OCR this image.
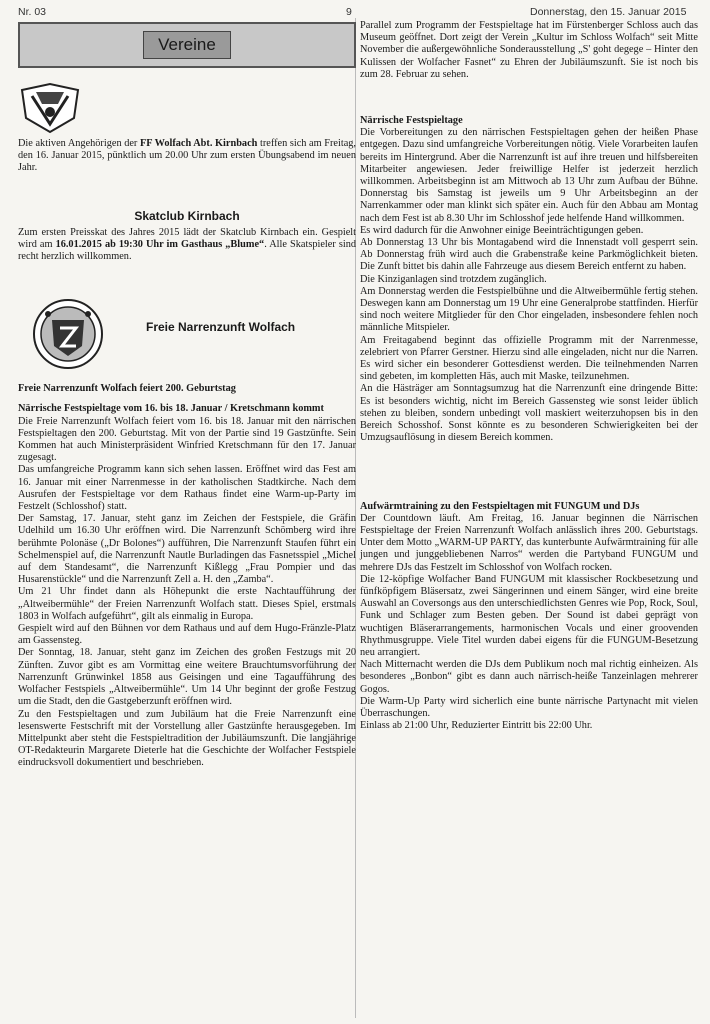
Nr. 03	9	Donnerstag, den 15. Januar 2015
Vereine
Die aktiven Angehörigen der FF Wolfach Abt. Kirnbach treffen sich am Freitag, den 16. Januar 2015, pünktlich um 20.00 Uhr zum ersten Übungsabend im neuen Jahr.
Skatclub Kirnbach
Zum ersten Preisskat des Jahres 2015 lädt der Skatclub Kirnbach ein. Gespielt wird am 16.01.2015 ab 19:30 Uhr im Gasthaus „Blume“. Alle Skatspieler sind recht herzlich willkommen.
Freie Narrenzunft Wolfach
Freie Narrenzunft Wolfach feiert 200. Geburtstag
Närrische Festspieltage vom 16. bis 18. Januar / Kretschmann kommt
Die Freie Narrenzunft Wolfach feiert vom 16. bis 18. Januar mit den närrischen Festspieltagen den 200. Geburtstag. Mit von der Partie sind 19 Gastzünfte. Sein Kommen hat auch Ministerpräsident Winfried Kretschmann für den 17. Januar zugesagt.
Das umfangreiche Programm kann sich sehen lassen. Eröffnet wird das Fest am 16. Januar mit einer Narrenmesse in der katholischen Stadtkirche. Nach dem Ausrufen der Festspieltage vor dem Rathaus findet eine Warm-up-Party im Festzelt (Schlosshof) statt.
Der Samstag, 17. Januar, steht ganz im Zeichen der Festspiele, die Gräfin Udelhild um 16.30 Uhr eröffnen wird. Die Narrenzunft Schömberg wird ihre berühmte Polonäse („Dr Bolones“) aufführen, Die Narrenzunft Staufen führt ein Schelmenspiel auf, die Narrenzunft Nautle Burladingen das Fasnetsspiel „Michel auf dem Standesamt“, die Narrenzunft Kißlegg „Frau Pompier und das Husarenstückle“ und die Narrenzunft Zell a. H. den „Zamba“.
Um 21 Uhr findet dann als Höhepunkt die erste Nachtaufführung der „Altweibermühle“ der Freien Narrenzunft Wolfach statt. Dieses Spiel, erstmals 1803 in Wolfach aufgeführt“, gilt als einmalig in Europa.
Gespielt wird auf den Bühnen vor dem Rathaus und auf dem Hugo-Fränzle-Platz am Gassensteg.
Der Sonntag, 18. Januar, steht ganz im Zeichen des großen Festzugs mit 20 Zünften. Zuvor gibt es am Vormittag eine weitere Brauchtumsvorführung der Narrenzunft Grünwinkel 1858 aus Geisingen und eine Tagaufführung des Wolfacher Festspiels „Altweibermühle“. Um 14 Uhr beginnt der große Festzug um die Stadt, den die Gastgeberzunft eröffnen wird.
Zu den Festspieltagen und zum Jubiläum hat die Freie Narrenzunft eine lesenswerte Festschrift mit der Vorstellung aller Gastzünfte herausgegeben. Im Mittelpunkt aber steht die Festspieltradition der Jubiläumszunft. Die langjährige OT-Redakteurin Margarete Dieterle hat die Geschichte der Wolfacher Festspiele eindrucksvoll dokumentiert und beschrieben.
Parallel zum Programm der Festspieltage hat im Fürstenberger Schloss auch das Museum geöffnet. Dort zeigt der Verein „Kultur im Schloss Wolfach“ seit Mitte November die außergewöhnliche Sonderausstellung „S' goht degege – Hinter den Kulissen der Wolfacher Fasnet“ zu Ehren der Jubiläumszunft. Sie ist noch bis zum 28. Februar zu sehen.
Närrische Festspieltage
Die Vorbereitungen zu den närrischen Festspieltagen gehen der heißen Phase entgegen. Dazu sind umfangreiche Vorbereitungen nötig. Viele Vorarbeiten laufen bereits im Hintergrund. Aber die Narrenzunft ist auf ihre treuen und hilfsbereiten Mitarbeiter angewiesen. Jeder freiwillige Helfer ist jederzeit herzlich willkommen. Arbeitsbeginn ist am Mittwoch ab 13 Uhr zum Aufbau der Bühne. Donnerstag bis Samstag ist jeweils um 9 Uhr Arbeitsbeginn an der Narrenkammer oder man klinkt sich später ein. Auch für den Abbau am Montag nach dem Fest ist ab 8.30 Uhr im Schlosshof jede helfende Hand willkommen.
Es wird dadurch für die Anwohner einige Beeinträchtigungen geben.
Ab Donnerstag 13 Uhr bis Montagabend wird die Innenstadt voll gesperrt sein. Ab Donnerstag früh wird auch die Grabenstraße keine Parkmöglichkeit bieten. Die Zunft bittet bis dahin alle Fahrzeuge aus diesem Bereich entfernt zu haben.
Die Kinziganlagen sind trotzdem zugänglich.
Am Donnerstag werden die Festspielbühne und die Altweibermühle fertig stehen. Deswegen kann am Donnerstag um 19 Uhr eine Generalprobe stattfinden. Hierfür sind noch weitere Mitglieder für den Chor eingeladen, insbesondere fehlen noch männliche Mitspieler.
Am Freitagabend beginnt das offizielle Programm mit der Narrenmesse, zelebriert von Pfarrer Gerstner. Hierzu sind alle eingeladen, nicht nur die Narren. Es wird sicher ein besonderer Gottesdienst werden. Die teilnehmenden Narren sind gebeten, im kompletten Häs, auch mit Maske, teilzunehmen.
An die Hästräger am Sonntagsumzug hat die Narrenzunft eine dringende Bitte: Es ist besonders wichtig, nicht im Bereich Gassensteg wie sonst leider üblich stehen zu bleiben, sondern unbedingt voll maskiert weiterzuhopsen bis in den Bereich Schosshof. Sonst könnte es zu besonderen Schwierigkeiten bei der Umzugsauflösung in diesem Bereich kommen.
Aufwärmtraining zu den Festspieltagen mit FUNGUM und DJs
Der Countdown läuft. Am Freitag, 16. Januar beginnen die Närrischen Festspieltage der Freien Narrenzunft Wolfach anlässlich ihres 200. Geburtstags. Unter dem Motto „WARM-UP PARTY, das kunterbunte Aufwärmtraining für alle jungen und junggebliebenen Narros“ werden die Partyband FUNGUM und mehrere DJs das Festzelt im Schlosshof von Wolfach rocken.
Die 12-köpfige Wolfacher Band FUNGUM mit klassischer Rockbesetzung und fünfköpfigem Bläsersatz, zwei Sängerinnen und einem Sänger, wird eine breite Auswahl an Coversongs aus den unterschiedlichsten Genres wie Pop, Rock, Soul, Funk und Schlager zum Besten geben. Der Sound ist dabei geprägt von wuchtigen Bläserarrangements, harmonischen Vocals und einer groovenden Rhythmusgruppe. Viele Titel wurden dabei eigens für die FUNGUM-Besetzung neu arrangiert.
Nach Mitternacht werden die DJs dem Publikum noch mal richtig einheizen. Als besonderes „Bonbon“ gibt es dann auch närrisch-heiße Tanzeinlagen mehrerer Gogos.
Die Warm-Up Party wird sicherlich eine bunte närrische Partynacht mit vielen Überraschungen.
Einlass ab 21:00 Uhr, Reduzierter Eintritt bis 22:00 Uhr.
